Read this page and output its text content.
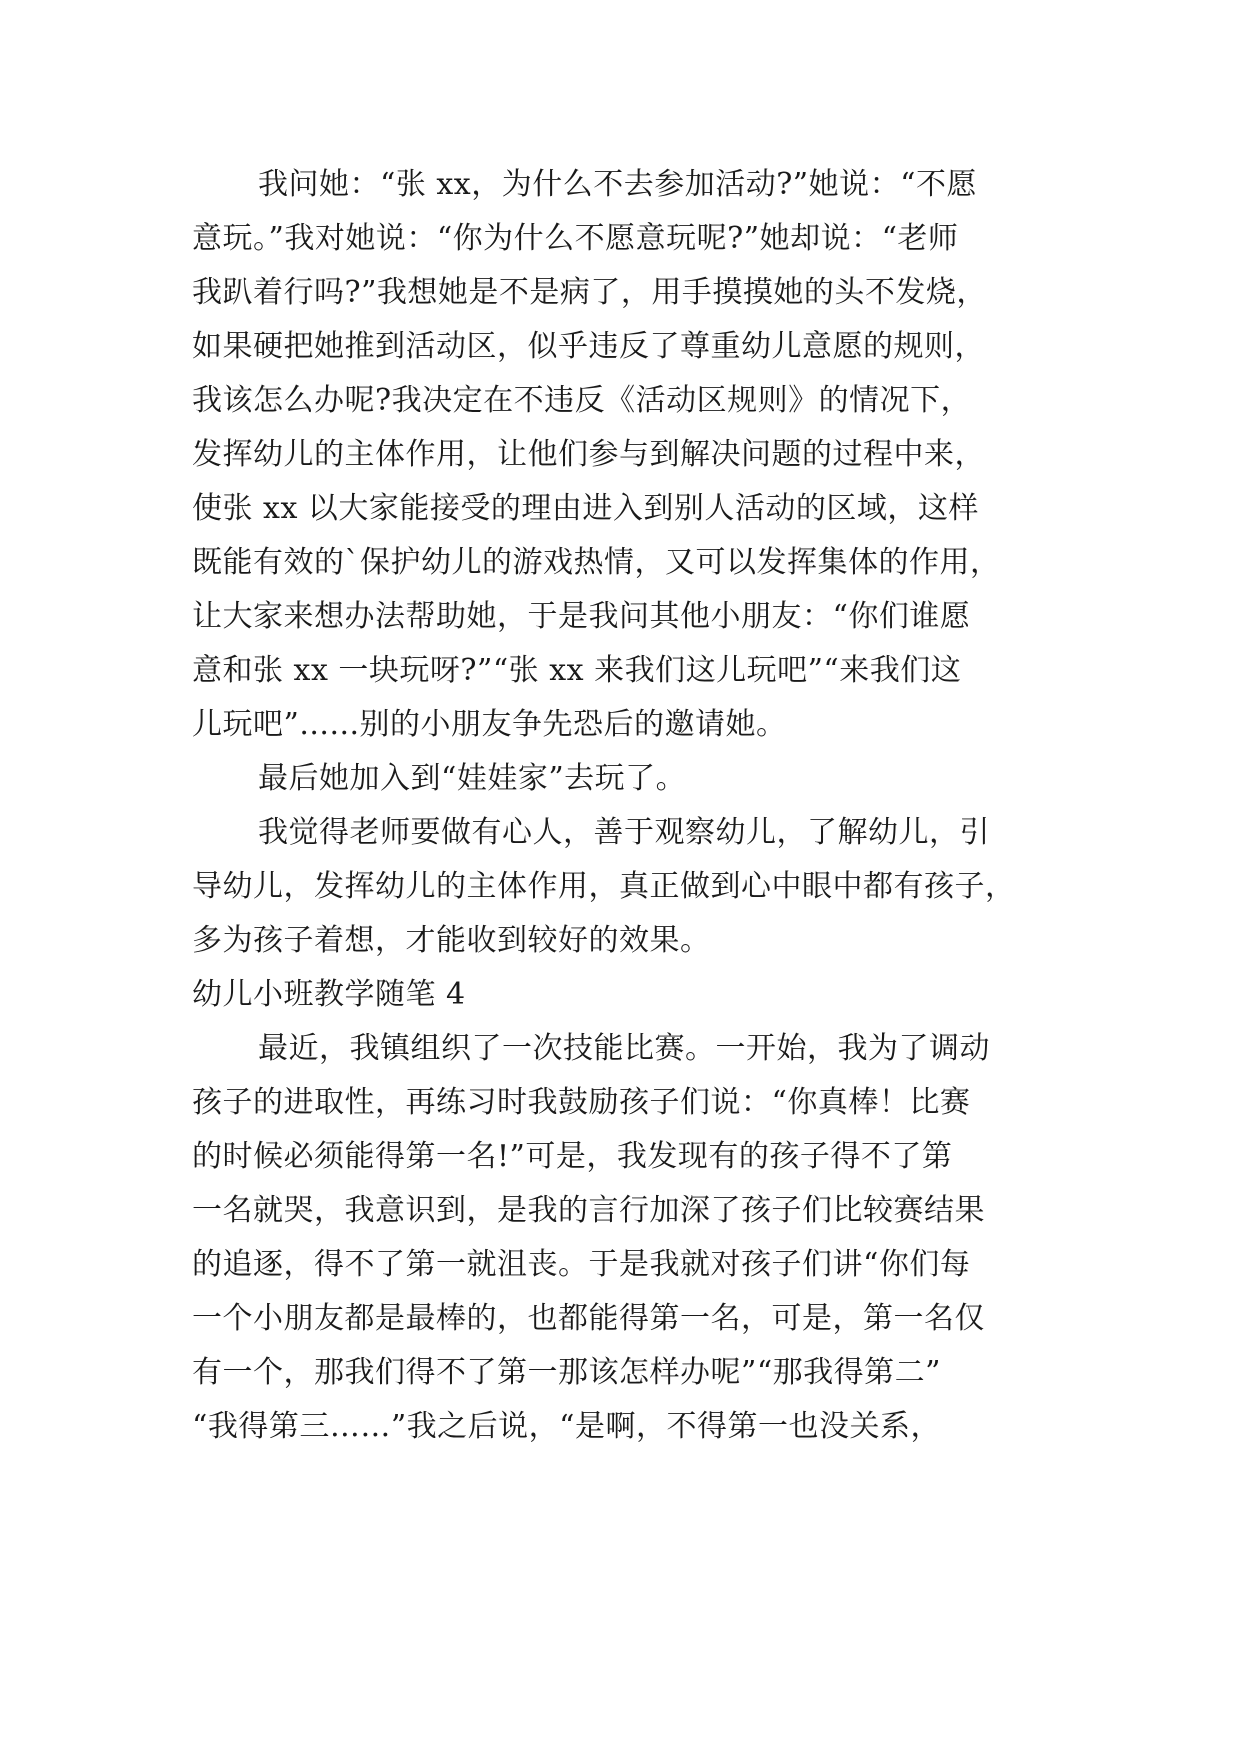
我问她：“张 xx，为什么不去参加活动?”她说：“不愿
意玩。”我对她说：“你为什么不愿意玩呢?”她却说：“老师
我趴着行吗?”我想她是不是病了，用手摸摸她的头不发烧，
如果硬把她推到活动区，似乎违反了尊重幼儿意愿的规则，
我该怎么办呢?我决定在不违反《活动区规则》的情况下，
发挥幼儿的主体作用，让他们参与到解决问题的过程中来，
使张 xx 以大家能接受的理由进入到别人活动的区域，这样
既能有效的`保护幼儿的游戏热情，又可以发挥集体的作用，
让大家来想办法帮助她，于是我问其他小朋友：“你们谁愿
意和张 xx 一块玩呀?”“张 xx 来我们这儿玩吧”“来我们这
儿玩吧”......别的小朋友争先恐后的邀请她。
最后她加入到“娃娃家”去玩了。
我觉得老师要做有心人，善于观察幼儿，了解幼儿，引
导幼儿，发挥幼儿的主体作用，真正做到心中眼中都有孩子，
多为孩子着想，才能收到较好的效果。
幼儿小班教学随笔 4
最近，我镇组织了一次技能比赛。一开始，我为了调动
孩子的进取性，再练习时我鼓励孩子们说：“你真棒！比赛
的时候必须能得第一名!”可是，我发现有的孩子得不了第
一名就哭，我意识到，是我的言行加深了孩子们比较赛结果
的追逐，得不了第一就沮丧。于是我就对孩子们讲“你们每
一个小朋友都是最棒的，也都能得第一名，可是，第一名仅
有一个，那我们得不了第一那该怎样办呢”“那我得第二”
“我得第三……”我之后说，“是啊，不得第一也没关系，
